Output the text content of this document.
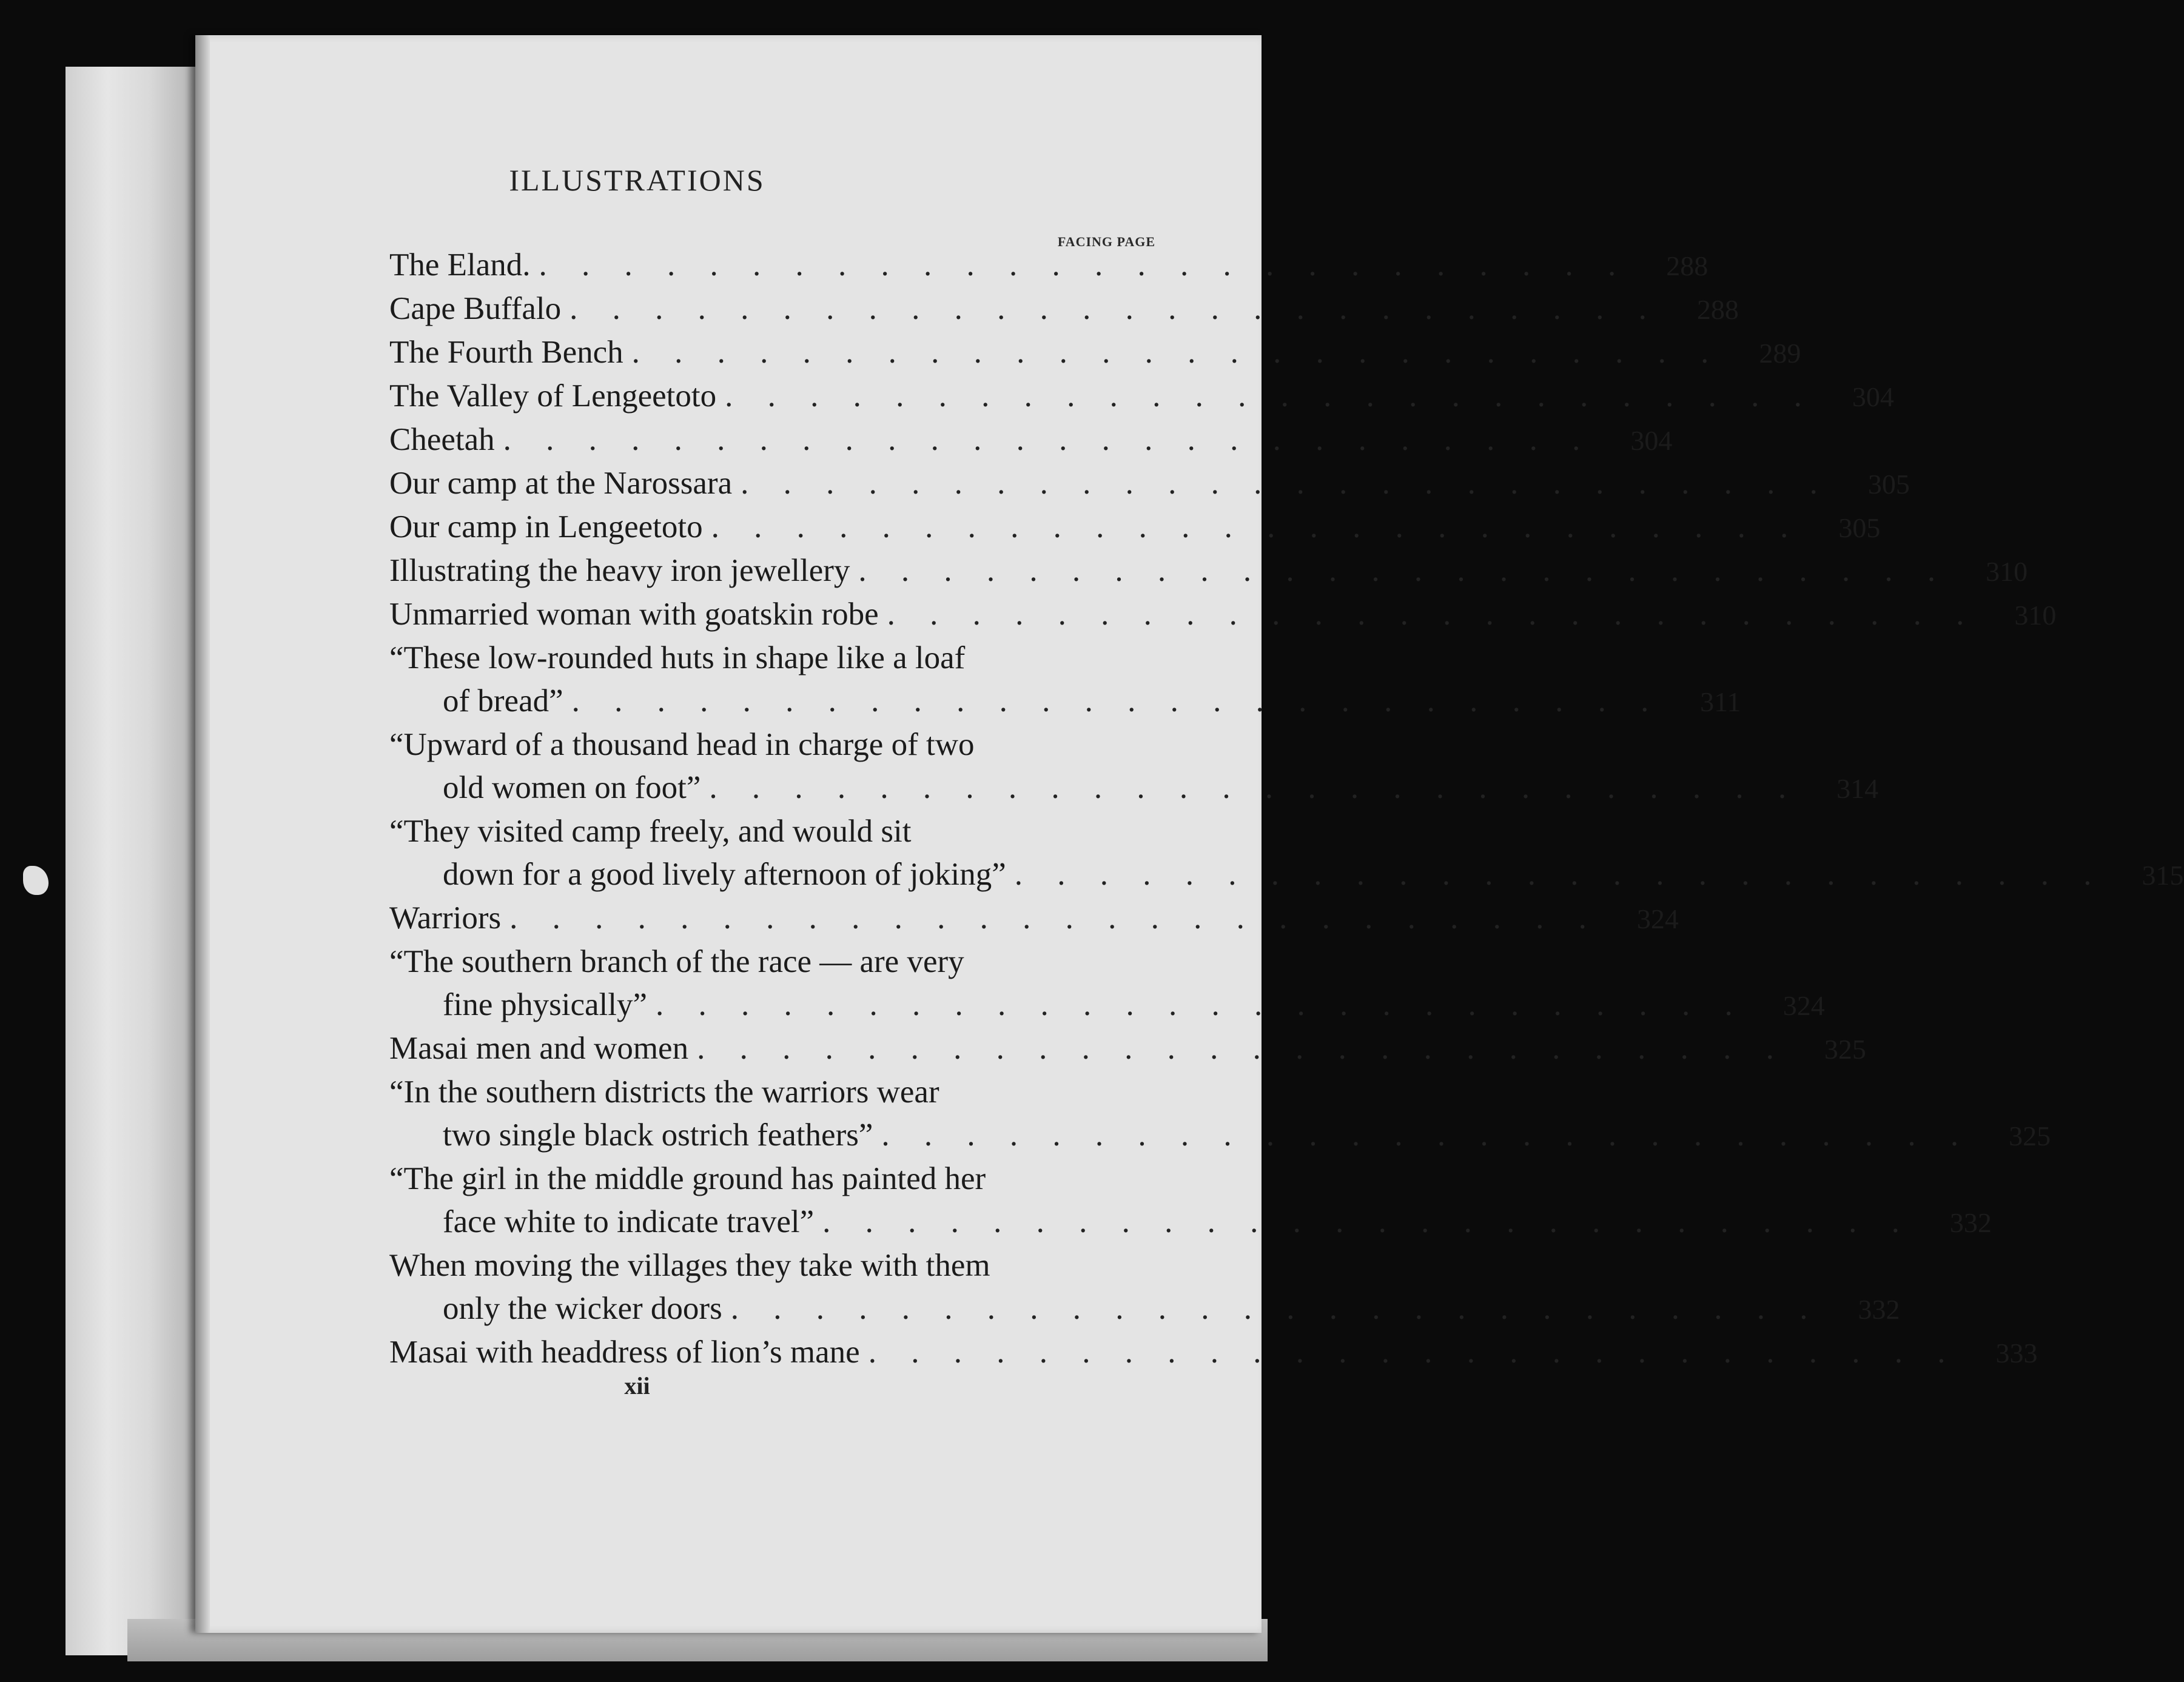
ILLUSTRATIONS
FACING PAGE
The Eland. . . . . . . . . . . . . . . . . . . . . . . . . . .	288
Cape Buffalo . . . . . . . . . . . . . . . . . . . . . . . . . .	288
The Fourth Bench . . . . . . . . . . . . . . . . . . . . . . . . . .	289
The Valley of Lengeetoto . . . . . . . . . . . . . . . . . . . . . . . . . .	304
Cheetah . . . . . . . . . . . . . . . . . . . . . . . . . .	304
Our camp at the Narossara . . . . . . . . . . . . . . . . . . . . . . . . . .	305
Our camp in Lengeetoto . . . . . . . . . . . . . . . . . . . . . . . . . .	305
Illustrating the heavy iron jewellery . . . . . . . . . . . . . . . . . . . . . . . . . .	310
Unmarried woman with goatskin robe . . . . . . . . . . . . . . . . . . . . . . . . . .	310
“These low-rounded huts in shape like a loaf
of bread” . . . . . . . . . . . . . . . . . . . . . . . . . .	311
“Upward of a thousand head in charge of two
old women on foot” . . . . . . . . . . . . . . . . . . . . . . . . . .	314
“They visited camp freely, and would sit
down for a good lively afternoon of joking” . . . . . . . . . . . . . . . . . . . . . . . . . .	315
Warriors . . . . . . . . . . . . . . . . . . . . . . . . . .	324
“The southern branch of the race — are very
fine physically” . . . . . . . . . . . . . . . . . . . . . . . . . .	324
Masai men and women . . . . . . . . . . . . . . . . . . . . . . . . . .	325
“In the southern districts the warriors wear
two single black ostrich feathers” . . . . . . . . . . . . . . . . . . . . . . . . . .	325
“The girl in the middle ground has painted her
face white to indicate travel” . . . . . . . . . . . . . . . . . . . . . . . . . .	332
When moving the villages they take with them
only the wicker doors . . . . . . . . . . . . . . . . . . . . . . . . . .	332
Masai with headdress of lion’s mane . . . . . . . . . . . . . . . . . . . . . . . . . .	333
xii
